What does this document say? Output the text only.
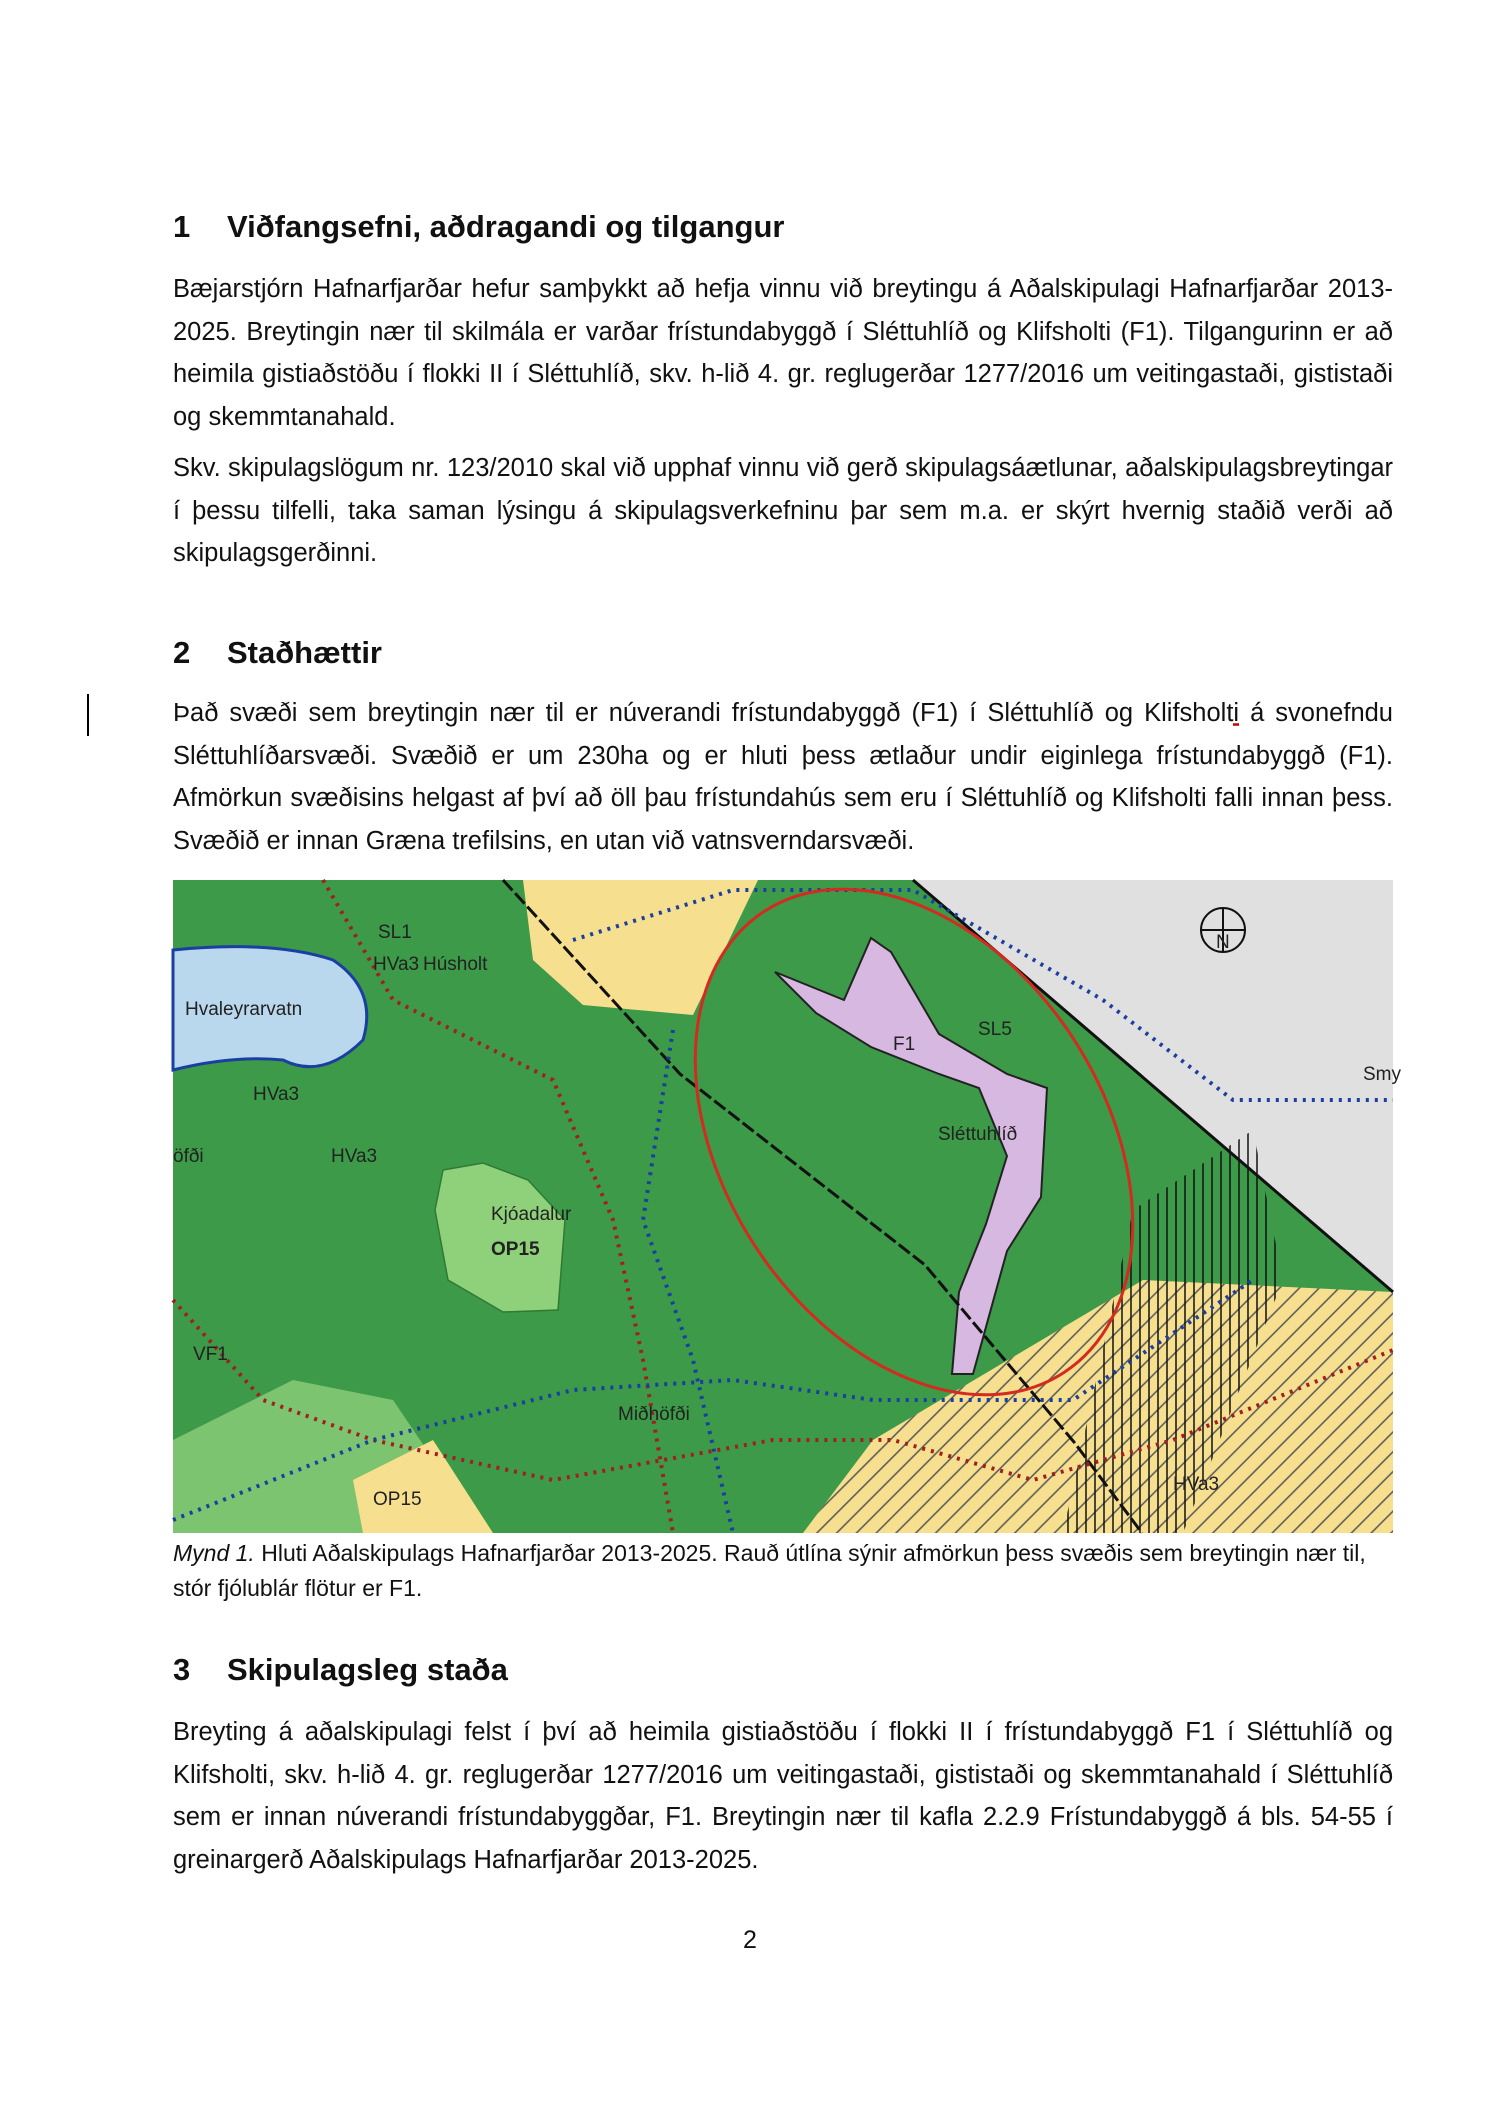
1 Viðfangsefni, aðdragandi og tilgangur
Bæjarstjórn Hafnarfjarðar hefur samþykkt að hefja vinnu við breytingu á Aðalskipulagi Hafnarfjarðar 2013-2025. Breytingin nær til skilmála er varðar frístundabyggð í Sléttuhlíð og Klifsholti (F1). Tilgangurinn er að heimila gistiaðstöðu í flokki II í Sléttuhlíð, skv. h-lið 4. gr. reglugerðar 1277/2016 um veitingastaði, gististaði og skemmtanahald.
Skv. skipulagslögum nr. 123/2010 skal við upphaf vinnu við gerð skipulagsáætlunar, aðalskipulagsbreytingar í þessu tilfelli, taka saman lýsingu á skipulagsverkefninu þar sem m.a. er skýrt hvernig staðið verði að skipulagsgerðinni.
2 Staðhættir
Það svæði sem breytingin nær til er núverandi frístundabyggð (F1) í Sléttuhlíð og Klifsholti á svonefndu Sléttuhlíðarsvæði. Svæðið er um 230ha og er hluti þess ætlaður undir eiginlega frístundabyggð (F1). Afmörkun svæðisins helgast af því að öll þau frístundahús sem eru í Sléttuhlíð og Klifsholti falli innan þess. Svæðið er innan Græna trefilsins, en utan við vatnsverndarsvæði.
N
Hvaleyrarvatn
SL1
HVa3 Húsholt
HVa3
HVa3
HVa3
öfði
F1
Sléttuhlíð
SL5
Kjóadalur
OP15
OP15
VF1
Miðhöfði
Smy
Mynd 1. Hluti Aðalskipulags Hafnarfjarðar 2013-2025. Rauð útlína sýnir afmörkun þess svæðis sem breytingin nær til, stór fjólublár flötur er F1.
3 Skipulagsleg staða
Breyting á aðalskipulagi felst í því að heimila gistiaðstöðu í flokki II í frístundabyggð F1 í Sléttuhlíð og Klifsholti, skv. h-lið 4. gr. reglugerðar 1277/2016 um veitingastaði, gististaði og skemmtanahald í Sléttuhlíð sem er innan núverandi frístundabyggðar, F1. Breytingin nær til kafla 2.2.9 Frístundabyggð á bls. 54-55 í greinargerð Aðalskipulags Hafnarfjarðar 2013-2025.
2
